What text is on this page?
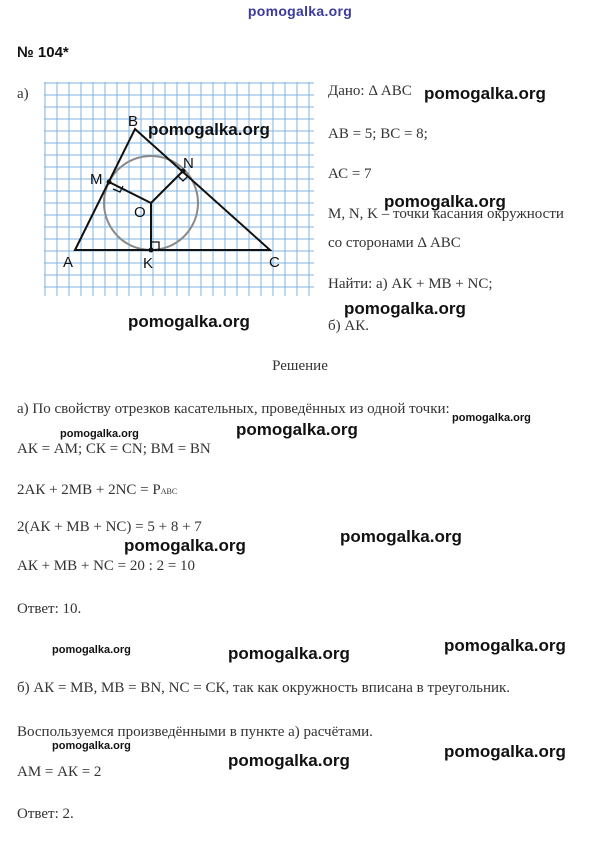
pomogalka.org
№ 104*
а)
A
B
C
M
N
K
O
Дано: Δ АВС
АВ = 5; ВС = 8;
АС = 7
M, N, K – точки касания окружности
со сторонами Δ АВС
Найти: а) АК + МВ + NC;
б) АК.
Решение
а) По свойству отрезков касательных, проведённых из одной точки:
АК = АМ; СК = CN; ВМ = BN
2АК + 2МВ + 2NC = PABC
2(АК + МВ + NC) = 5 + 8 + 7
АК + МВ + NC = 20 : 2 = 10
Ответ: 10.
б) АК = МВ, МВ = BN, NC = СК, так как окружность вписана в треугольник.
Воспользуемся произведёнными в пункте а) расчётами.
АМ = АК = 2
Ответ: 2.
pomogalka.org
pomogalka.org
pomogalka.org
pomogalka.org
pomogalka.org
pomogalka.org
pomogalka.org
pomogalka.org
pomogalka.org
pomogalka.org
pomogalka.org
pomogalka.org	pomogalka.org
pomogalka.org	pomogalka.org
pomogalka.org
